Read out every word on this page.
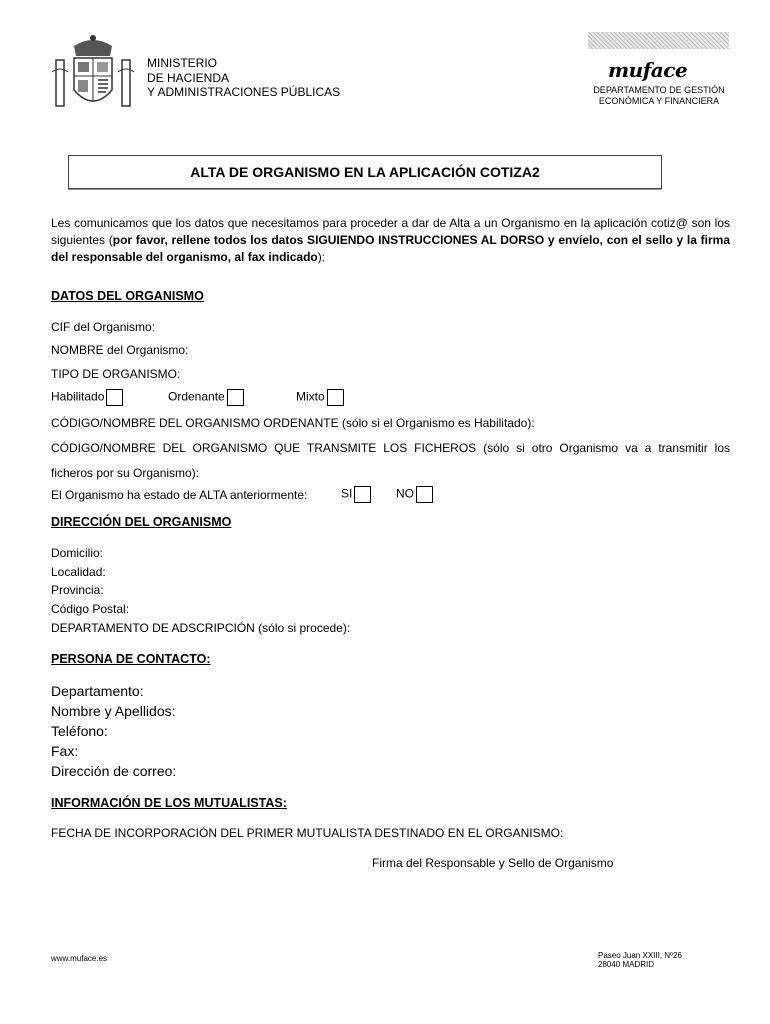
MINISTERIO
DE HACIENDA
Y ADMINISTRACIONES PÚBLICAS
muface
DEPARTAMENTO DE GESTIÓN
ECONÓMICA Y FINANCIERA
ALTA DE ORGANISMO EN LA APLICACIÓN COTIZA2
Les comunicamos que los datos que necesitamos para proceder a dar de Alta a un Organismo en la aplicación cotiz@ son los siguientes (por favor, rellene todos los datos SIGUIENDO INSTRUCCIONES AL DORSO y envíelo, con el sello y la firma del responsable del organismo, al fax indicado):
DATOS DEL ORGANISMO
CIF del Organismo:
NOMBRE del Organismo:
TIPO DE ORGANISMO:
Habilitado	Ordenante	Mixto
CÓDIGO/NOMBRE DEL ORGANISMO ORDENANTE (sólo si el Organismo es Habilitado):
CÓDIGO/NOMBRE DEL ORGANISMO QUE TRANSMITE LOS FICHEROS (sólo si otro Organismo va a transmitir los
ficheros por su Organismo):
El Organismo ha estado de ALTA anteriormente:	SI	NO
DIRECCIÓN DEL ORGANISMO
Domicilio:
Localidad:
Provincia:
Código Postal:
DEPARTAMENTO DE ADSCRIPCIÓN (sólo si procede):
PERSONA DE CONTACTO:
Departamento:
Nombre y Apellidos:
Teléfono:
Fax:
Dirección de correo:
INFORMACIÓN DE LOS MUTUALISTAS:
FECHA DE INCORPORACIÓN DEL PRIMER MUTUALISTA DESTINADO EN EL ORGANISMO:
Firma del Responsable y Sello de Organismo
www.muface.es	Paseo Juan XXIII, Nº26
28040 MADRID
